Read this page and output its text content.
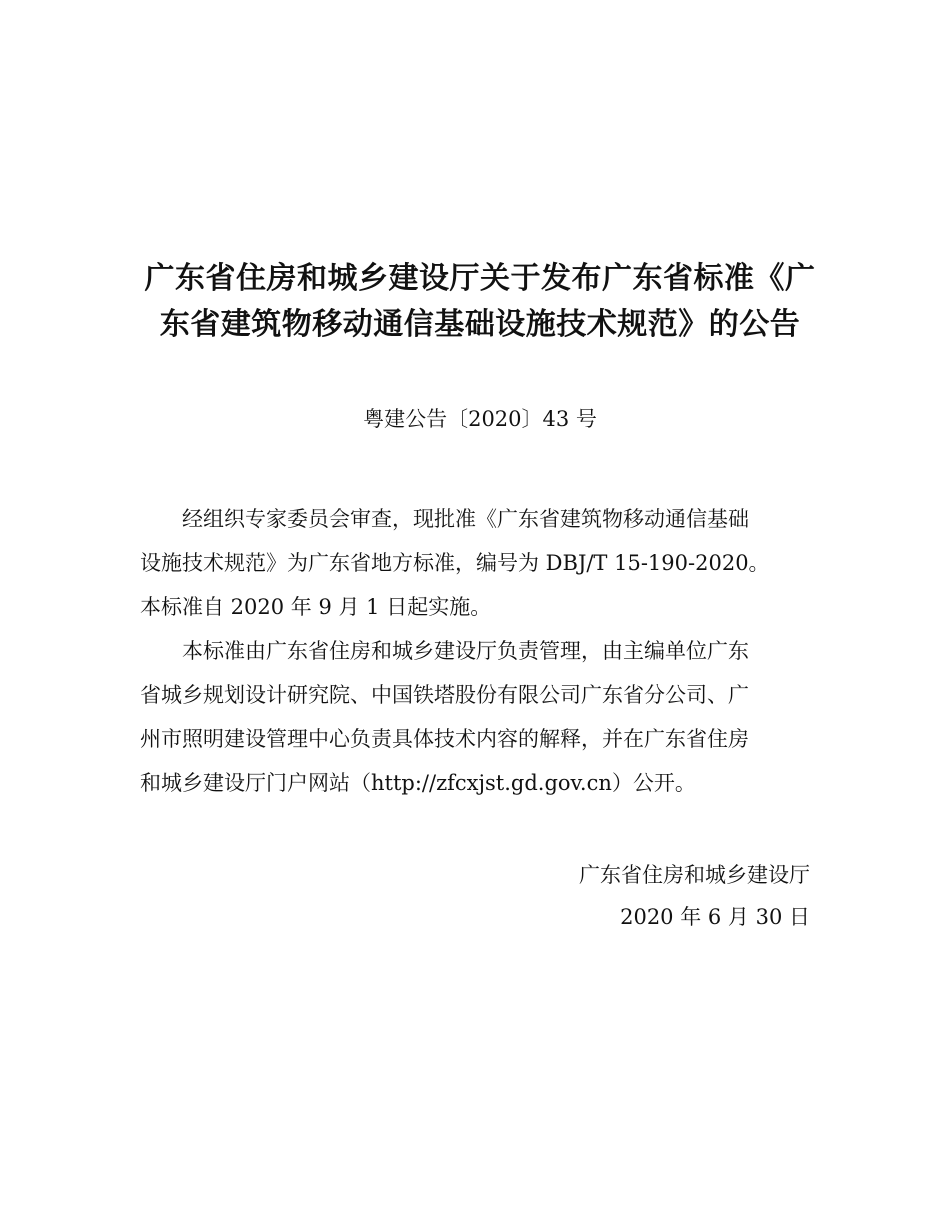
广东省住房和城乡建设厅关于发布广东省标准《广
东省建筑物移动通信基础设施技术规范》的公告

粤建公告〔2020〕43 号

经组织专家委员会审查，现批准《广东省建筑物移动通信基础
设施技术规范》为广东省地方标准，编号为 DBJ/T 15-190-2020。
本标准自 2020 年 9 月 1 日起实施。

本标准由广东省住房和城乡建设厅负责管理，由主编单位广东
省城乡规划设计研究院、中国铁塔股份有限公司广东省分公司、广
州市照明建设管理中心负责具体技术内容的解释，并在广东省住房
和城乡建设厅门户网站（http://zfcxjst.gd.gov.cn）公开。

广东省住房和城乡建设厅
2020 年 6 月 30 日
